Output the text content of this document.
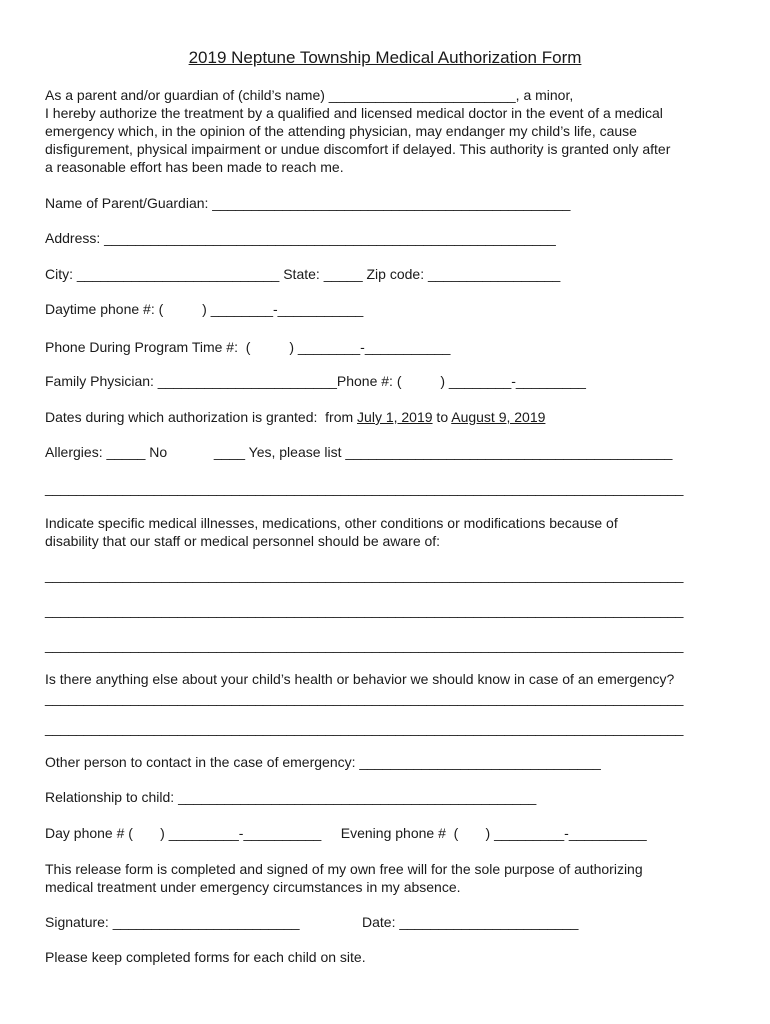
2019 Neptune Township Medical Authorization Form
As a parent and/or guardian of (child’s name) ________________________, a minor,
I hereby authorize the treatment by a qualified and licensed medical doctor in the event of a medical
emergency which, in the opinion of the attending physician, may endanger my child’s life, cause
disfigurement, physical impairment or undue discomfort if delayed. This authority is granted only after
a reasonable effort has been made to reach me.
Name of Parent/Guardian: ______________________________________________
Address: __________________________________________________________
City: __________________________ State: _____ Zip code: _________________
Daytime phone #: (          ) ________-___________
Phone During Program Time #:  (          ) ________-___________
Family Physician: _______________________Phone #: (          ) ________-_________
Dates during which authorization is granted:  from July 1, 2019 to August 9, 2019
Allergies: _____ No            ____ Yes, please list __________________________________________
__________________________________________________________________________________
Indicate specific medical illnesses, medications, other conditions or modifications because of
disability that our staff or medical personnel should be aware of:
__________________________________________________________________________________
__________________________________________________________________________________
__________________________________________________________________________________
Is there anything else about your child’s health or behavior we should know in case of an emergency?
__________________________________________________________________________________
__________________________________________________________________________________
Other person to contact in the case of emergency: _______________________________
Relationship to child: ______________________________________________
Day phone # (       ) _________-__________     Evening phone #  (       ) _________-__________
This release form is completed and signed of my own free will for the sole purpose of authorizing
medical treatment under emergency circumstances in my absence.
Signature: ________________________	Date: _______________________
Please keep completed forms for each child on site.
